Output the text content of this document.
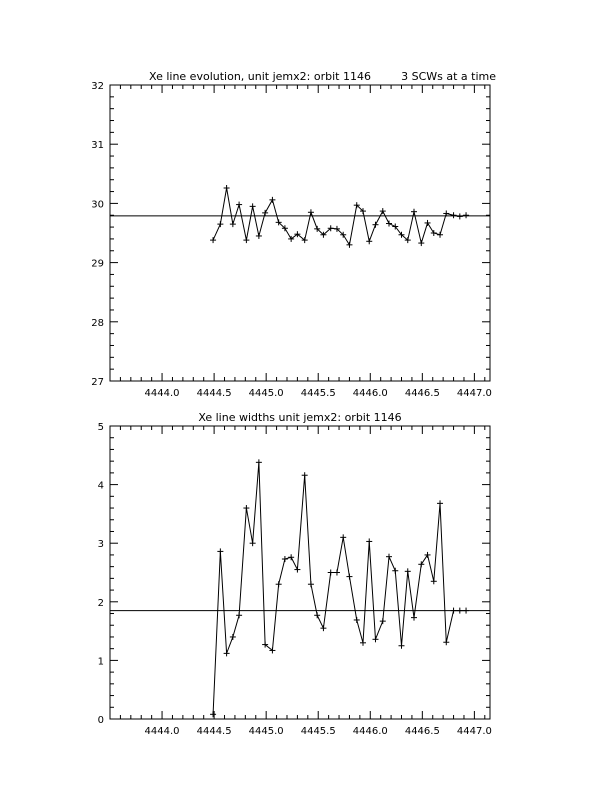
Xe line evolution, unit jemx2: orbit 1146	3 SCWs at a time
4444.0 4444.5 4445.0 4445.5 4446.0 4446.5 4447.0
27
28
29
30
31
32
Xe line widths unit jemx2: orbit 1146
4444.0 4444.5 4445.0 4445.5 4446.0 4446.5 4447.0
0
1
2
3
4
5
